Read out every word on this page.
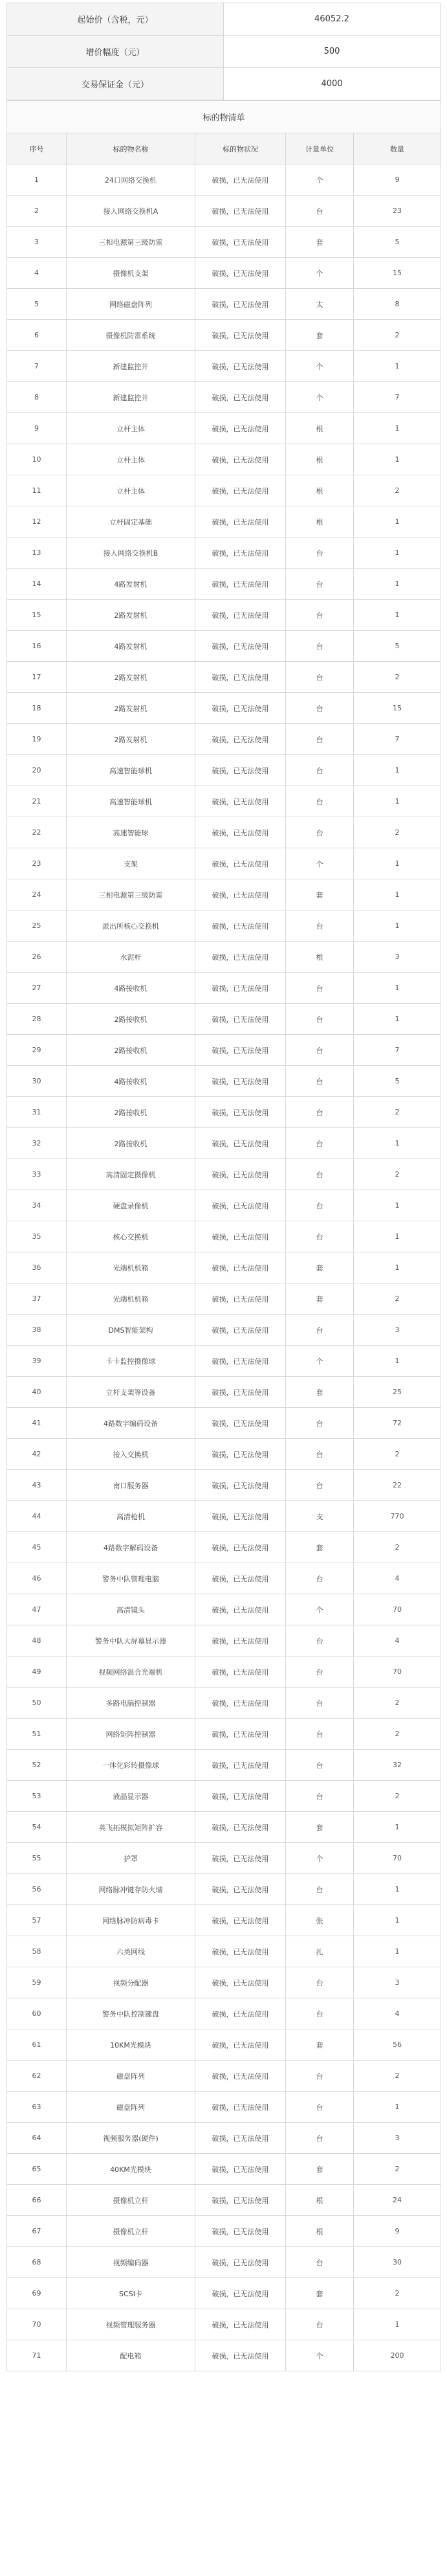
起始价（含税，元）	46052.2
增价幅度（元）	500
交易保证金（元）	4000
标的物清单				
序号	标的物名称	标的物状况	计量单位	数量
1	24口网络交换机	破损，已无法使用	个	9
2	接入网络交换机A	破损，已无法使用	台	23
3	三相电源第三级防雷	破损，已无法使用	套	5
4	摄像机支架	破损，已无法使用	个	15
5	网络磁盘阵列	破损，已无法使用	太	8
6	摄像机防雷系统	破损，已无法使用	套	2
7	新建监控井	破损，已无法使用	个	1
8	新建监控井	破损，已无法使用	个	7
9	立杆主体	破损，已无法使用	根	1
10	立杆主体	破损，已无法使用	根	1
11	立杆主体	破损，已无法使用	根	2
12	立杆固定基础	破损，已无法使用	根	1
13	接入网络交换机B	破损，已无法使用	台	1
14	4路发射机	破损，已无法使用	台	1
15	2路发射机	破损，已无法使用	台	1
16	4路发射机	破损，已无法使用	台	5
17	2路发射机	破损，已无法使用	台	2
18	2路发射机	破损，已无法使用	台	15
19	2路发射机	破损，已无法使用	台	7
20	高速智能球机	破损，已无法使用	台	1
21	高速智能球机	破损，已无法使用	台	1
22	高速智能球	破损，已无法使用	台	2
23	支架	破损，已无法使用	个	1
24	三相电源第三级防雷	破损，已无法使用	套	1
25	派出所核心交换机	破损，已无法使用	台	1
26	水泥杆	破损，已无法使用	根	3
27	4路接收机	破损，已无法使用	台	1
28	2路接收机	破损，已无法使用	台	1
29	2路接收机	破损，已无法使用	台	7
30	4路接收机	破损，已无法使用	台	5
31	2路接收机	破损，已无法使用	台	2
32	2路接收机	破损，已无法使用	台	1
33	高清固定摄像机	破损，已无法使用	台	2
34	硬盘录像机	破损，已无法使用	台	1
35	核心交换机	破损，已无法使用	台	1
36	光端机机箱	破损，已无法使用	套	1
37	光端机机箱	破损，已无法使用	套	2
38	DMS智能架构	破损，已无法使用	台	3
39	卡卡监控摄像球	破损，已无法使用	个	1
40	立杆支架等设备	破损，已无法使用	套	25
41	4路数字编码设备	破损，已无法使用	台	72
42	接入交换机	破损，已无法使用	台	2
43	南口服务器	破损，已无法使用	台	22
44	高清枪机	破损，已无法使用	支	770
45	4路数字解码设备	破损，已无法使用	套	2
46	警务中队管理电脑	破损，已无法使用	台	4
47	高清镜头	破损，已无法使用	个	70
48	警务中队大屏幕显示器	破损，已无法使用	台	4
49	视频网络混合光端机	破损，已无法使用	台	70
50	多路电脑控制器	破损，已无法使用	台	2
51	网络矩阵控制器	破损，已无法使用	台	2
52	一体化彩转摄像球	破损，已无法使用	台	32
53	液晶显示器	破损，已无法使用	台	2
54	英飞拓模拟矩阵扩容	破损，已无法使用	套	1
55	护罩	破损，已无法使用	个	70
56	网络脉冲键存防火墙	破损，已无法使用	台	1
57	网络脉冲防病毒卡	破损，已无法使用	张	1
58	六类网线	破损，已无法使用	扎	1
59	视频分配器	破损，已无法使用	台	3
60	警务中队控制键盘	破损，已无法使用	台	4
61	10KM光模块	破损，已无法使用	套	56
62	磁盘阵列	破损，已无法使用	台	2
63	磁盘阵列	破损，已无法使用	台	1
64	视频服务器(硬件)	破损，已无法使用	台	3
65	40KM光模块	破损，已无法使用	套	2
66	摄像机立杆	破损，已无法使用	根	24
67	摄像机立杆	破损，已无法使用	根	9
68	视频编码器	破损，已无法使用	台	30
69	SCSI卡	破损，已无法使用	套	2
70	视频管理服务器	破损，已无法使用	台	1
71	配电箱	破损，已无法使用	个	200
